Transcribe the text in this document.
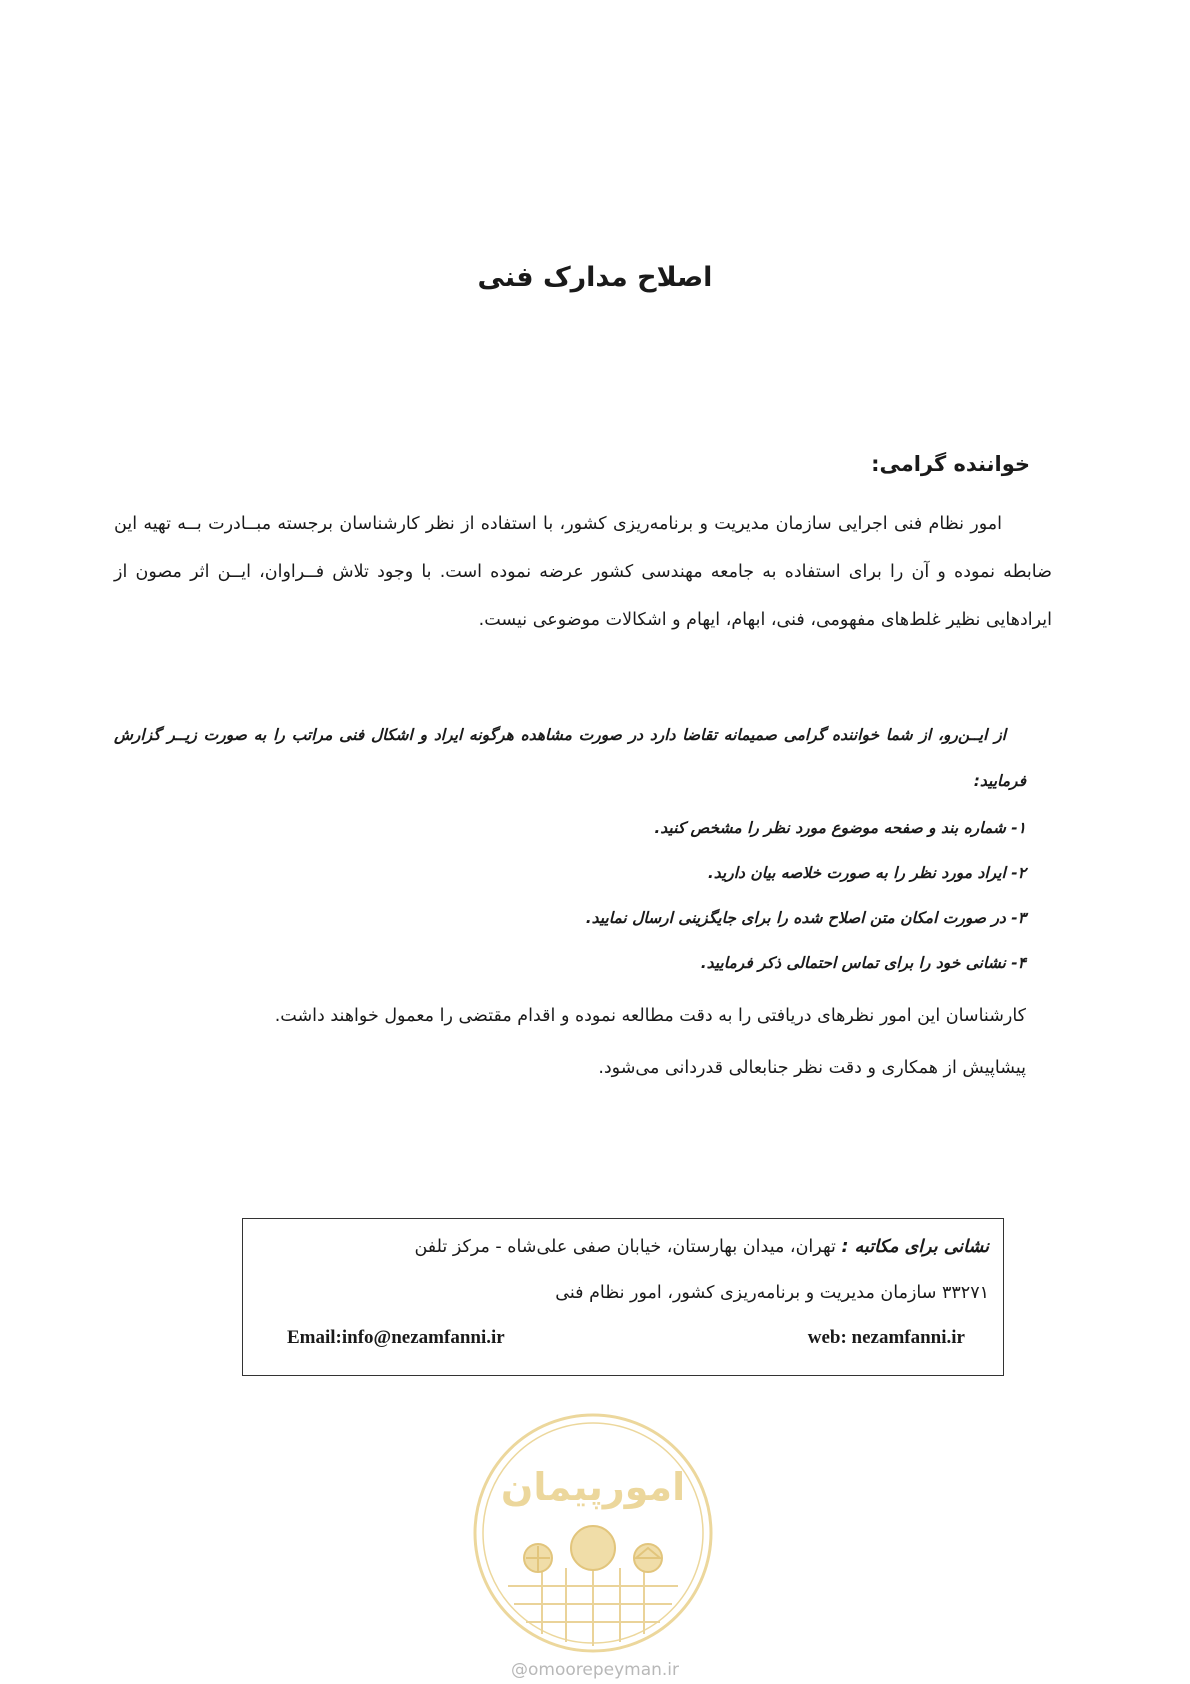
اصلاح مدارک فنی
خواننده گرامی:

امور نظام فنی اجرایی سازمان مدیریت و برنامه‌ریزی کشور، با استفاده از نظر کارشناسان برجسته مبــادرت بــه تهیه این ضابطه نموده و آن را برای استفاده به جامعه مهندسی کشور عرضه نموده است. با وجود تلاش فــراوان، ایــن اثر مصون از ایرادهایی نظیر غلط‌های مفهومی، فنی، ابهام، ایهام و اشکالات موضوعی نیست.

از ایــن‌رو، از شما خواننده گرامی صمیمانه تقاضا دارد در صورت مشاهده هرگونه ایراد و اشکال فنی مراتب را به صورت زیــر گزارش فرمایید:

۱- شماره بند و صفحه موضوع مورد نظر را مشخص کنید.
۲- ایراد مورد نظر را به صورت خلاصه بیان دارید.
۳- در صورت امکان متن اصلاح شده را برای جایگزینی ارسال نمایید.
۴- نشانی خود را برای تماس احتمالی ذکر فرمایید.

کارشناسان این امور نظرهای دریافتی را به دقت مطالعه نموده و اقدام مقتضی را معمول خواهند داشت.

پیشاپیش از همکاری و دقت نظر جنابعالی قدردانی می‌شود.

نشانی برای مکاتبه : تهران، میدان بهارستان، خیابان صفی علی‌شاه - مرکز تلفن

۳۳۲۷۱ سازمان مدیریت و برنامه‌ریزی کشور، امور نظام فنی

Email:info@nezamfanni.ir	web: nezamfanni.ir
امورپیمان
@omoorepeyman.ir
